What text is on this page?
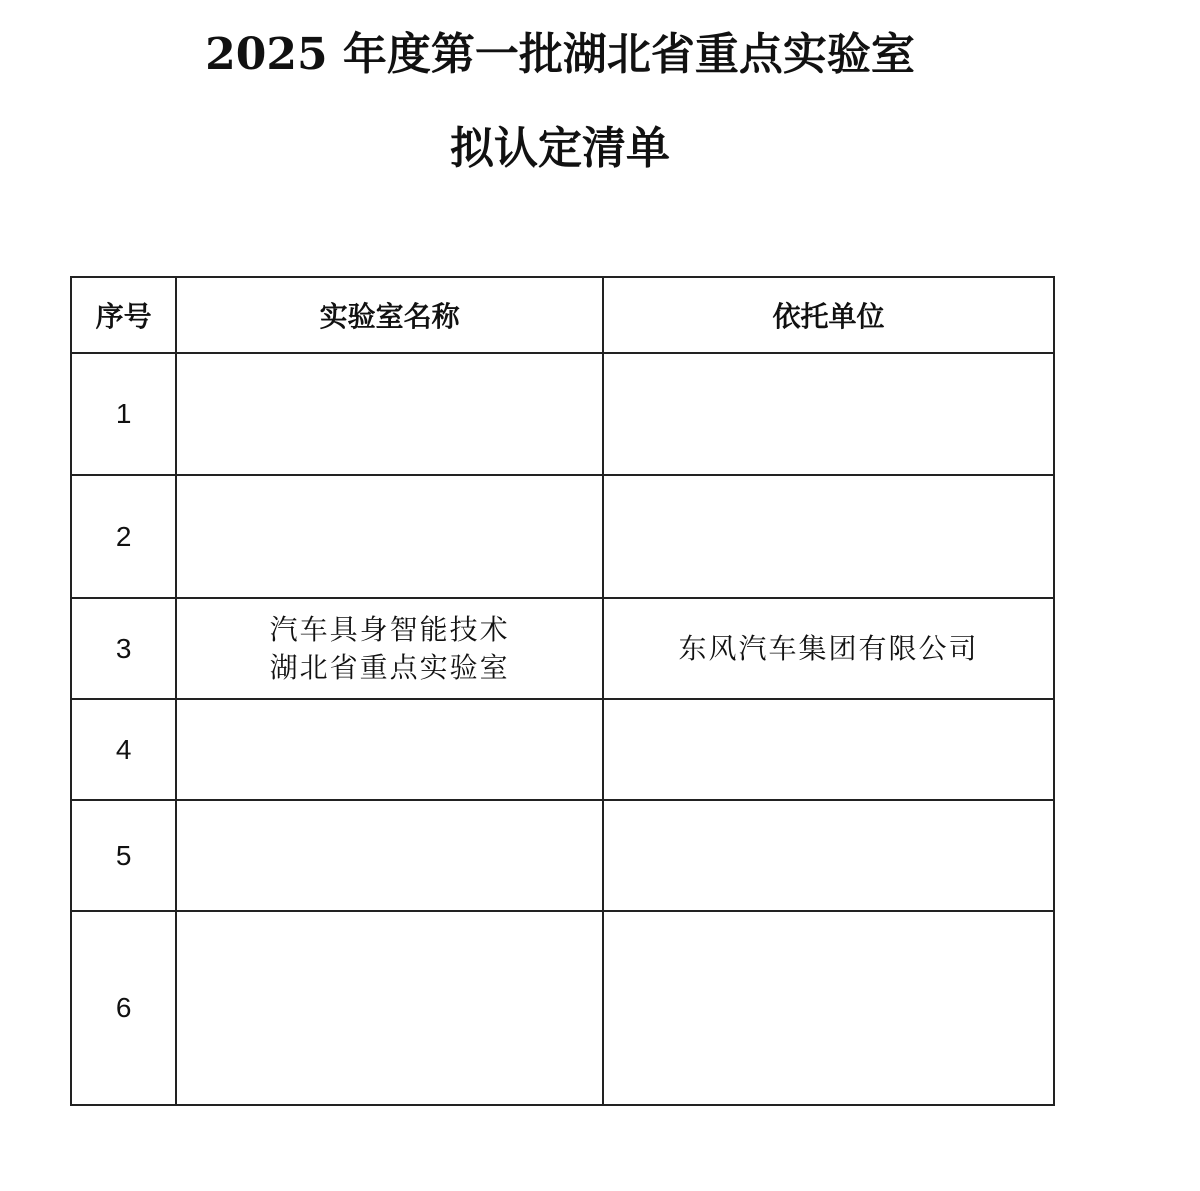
2025 年度第一批湖北省重点实验室
拟认定清单
序号	实验室名称	依托单位
1	

2	

3	汽车具身智能技术
湖北省重点实验室	东风汽车集团有限公司

4	

5	

6	
